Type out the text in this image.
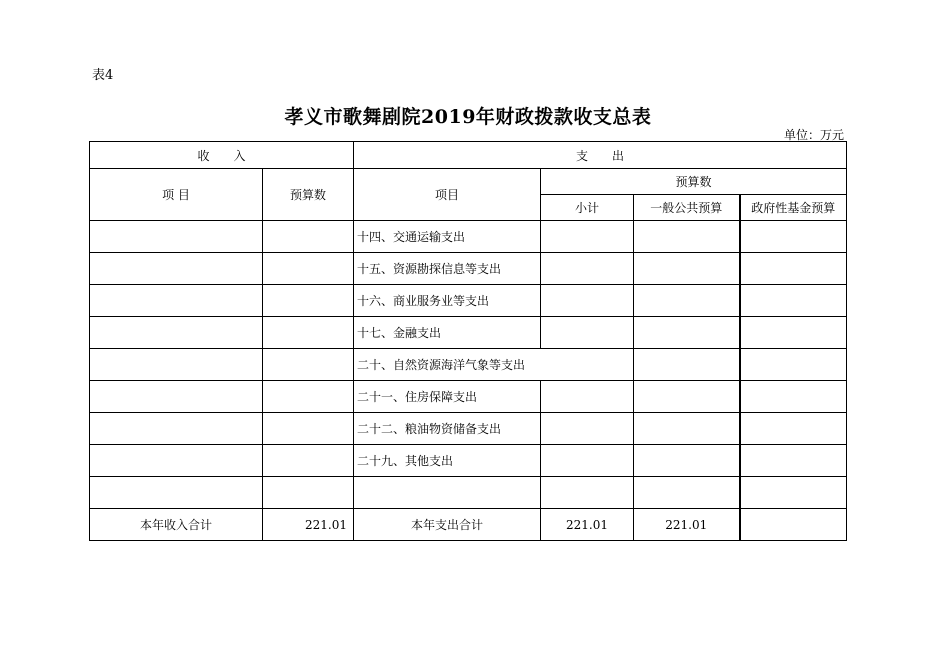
表4
孝义市歌舞剧院2019年财政拨款收支总表
单位：万元
收　　入		支　　出			
项 目	预算数	项目	预算数		
			小计	一般公共预算	政府性基金预算
		十四、交通运输支出			
		十五、资源勘探信息等支出			
		十六、商业服务业等支出			
		十七、金融支出			
		二十、自然资源海洋气象等支出			
		二十一、住房保障支出			
		二十二、粮油物资储备支出			
		二十九、其他支出			

本年收入合计	221.01	本年支出合计	221.01	221.01	
